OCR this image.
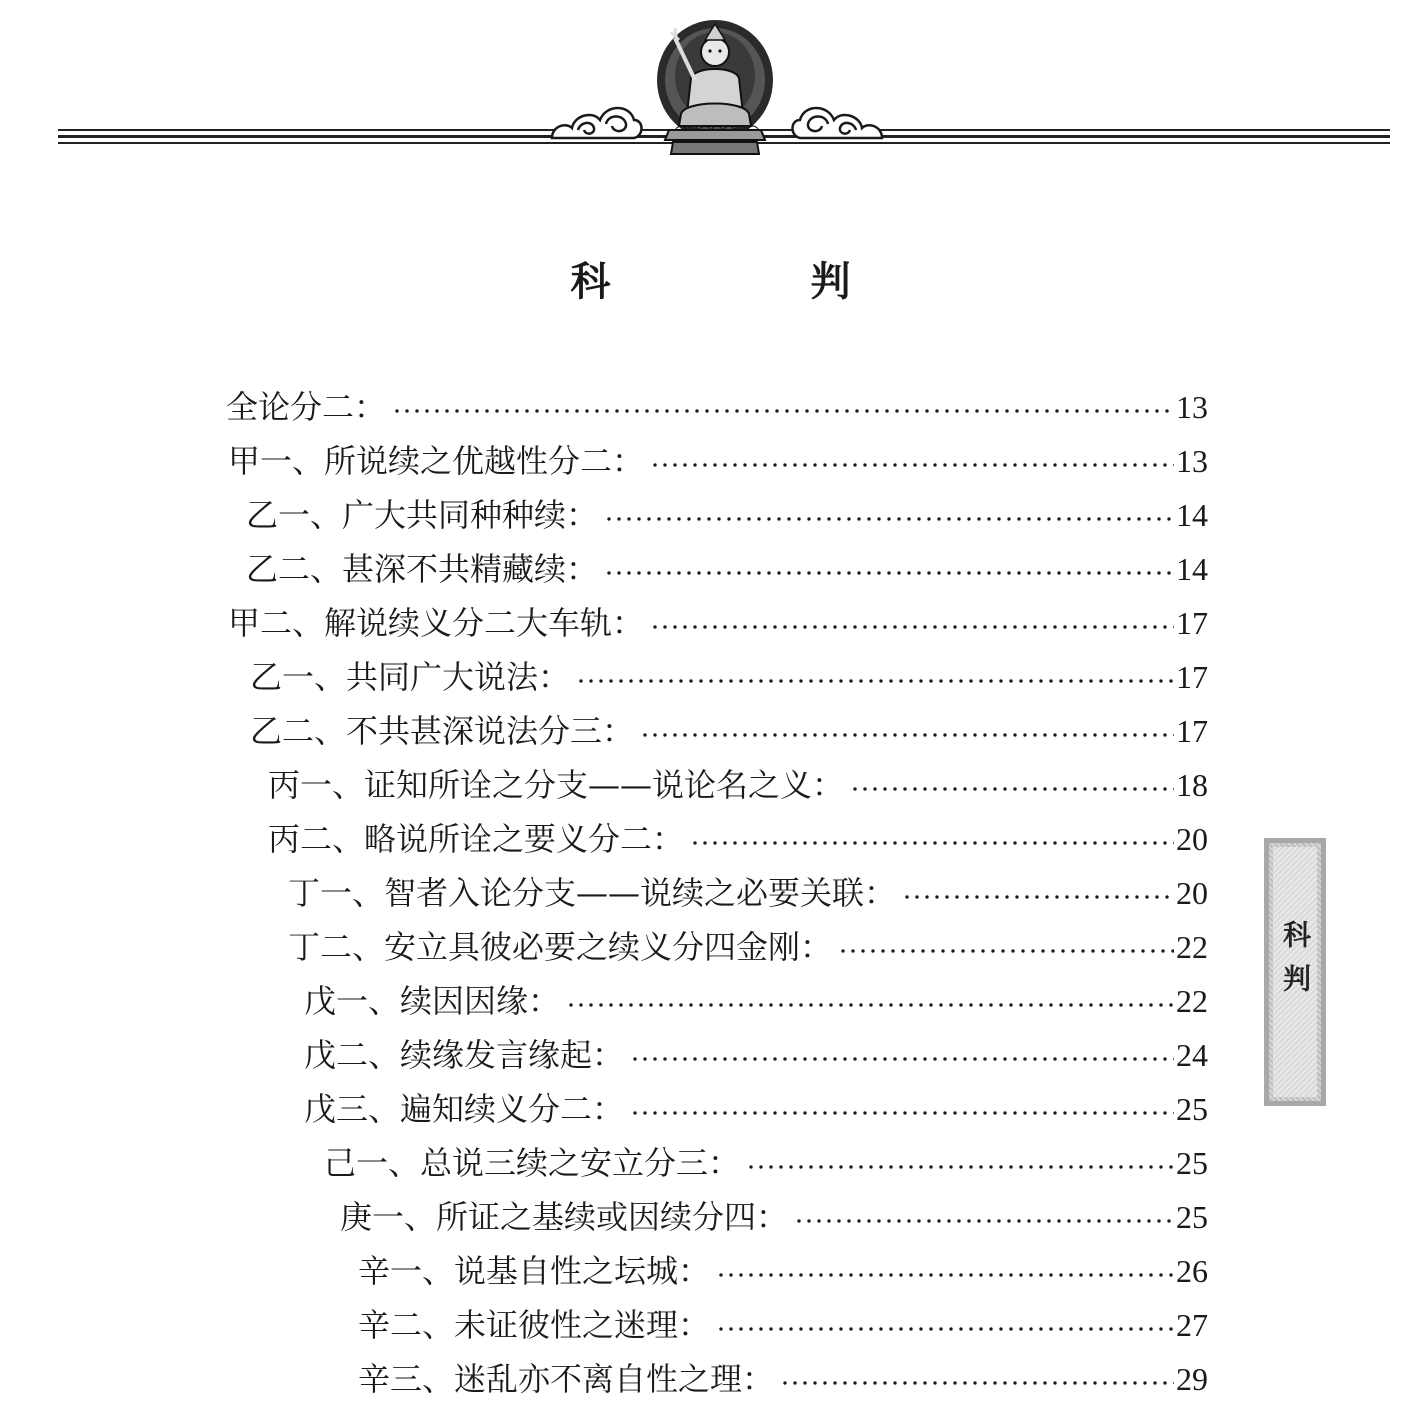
科　判
全论分二：	13
甲一、所说续之优越性分二：	13
乙一、广大共同种种续：	14
乙二、甚深不共精藏续：	14
甲二、解说续义分二大车轨：	17
乙一、共同广大说法：	17
乙二、不共甚深说法分三：	17
丙一、证知所诠之分支——说论名之义：	18
丙二、略说所诠之要义分二：	20
丁一、智者入论分支——说续之必要关联：	20
丁二、安立具彼必要之续义分四金刚：	22
戊一、续因因缘：	22
戊二、续缘发言缘起：	24
戊三、遍知续义分二：	25
己一、总说三续之安立分三：	25
庚一、所证之基续或因续分四：	25
辛一、说基自性之坛城：	26
辛二、未证彼性之迷理：	27
辛三、迷乱亦不离自性之理：	29
科判
